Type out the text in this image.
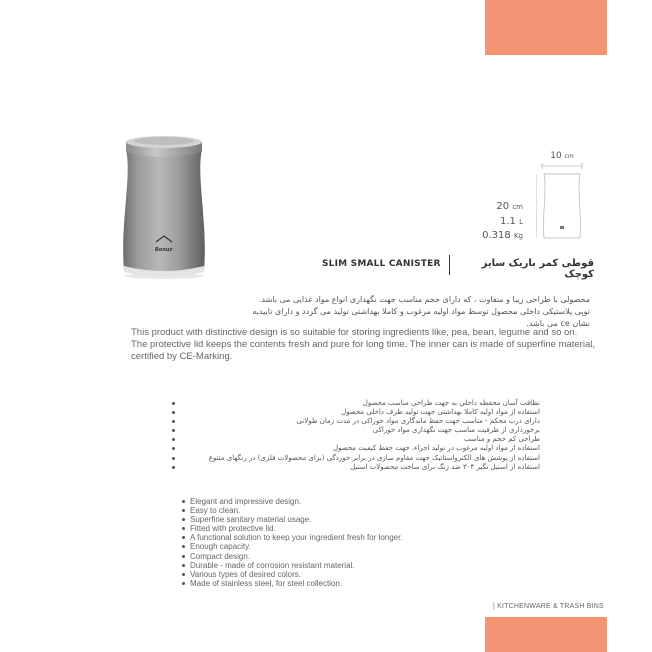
Bonuz
10 cm
20 cm
1.1 L
0.318 Kg
SLIM SMALL CANISTER	قوطی کمر باریک سایز کوچک
محصولی با طراحی زیبا و متفاوت ، که دارای حجم مناسب جهت نگهداری انواع مواد غذایی می باشد. توپی پلاستیکی داخلی محصول توسط مواد اولیه مرغوب و کاملا بهداشتی تولید می گردد و دارای تاییدیه نشان ce می باشد.
This product with distinctive design is so suitable for storing ingredients like, pea, bean, legume and so on. The protective lid keeps the contents fresh and pure for long time. The inner can is made of superfine material, certified by CE-Marking.
نظافت آسان محفظه داخلی به جهت طراحی مناسب محصول
استفاده از مواد اولیه کاملا بهداشتی جهت تولید ظرف داخلی محصول
دارای درب محکم - مناسب جهت حفظ ماندگاری مواد خوراکی در مدت زمان طولانی
برخورداری از ظرفیت مناسب جهت نگهداری مواد خوراکی
طراحی کم حجم و مناسب
استفاده از مواد اولیه مرغوب در تولید اجزاء، جهت حفظ کیفیت محصول
استفاده از پوشش های الکترواستاتیک جهت مقاوم سازی در برابر خوردگی (برای محصولات فلزی) در رنگهای متنوع
استفاده از استیل نگیر ۳۰۴ ضد زنگ برای ساخت محصولات استیل
Elegant and impressive design.
Easy to clean.
Superfine sanitary material usage.
Fitted with protective lid.
A functional solution to keep your ingredient fresh for longer.
Enough capacity.
Compact design.
Durable - made of corrosion resistant material.
Various types of desired colors.
Made of stainless steel, for steel collection.
| KITCHENWARE & TRASH BINS
